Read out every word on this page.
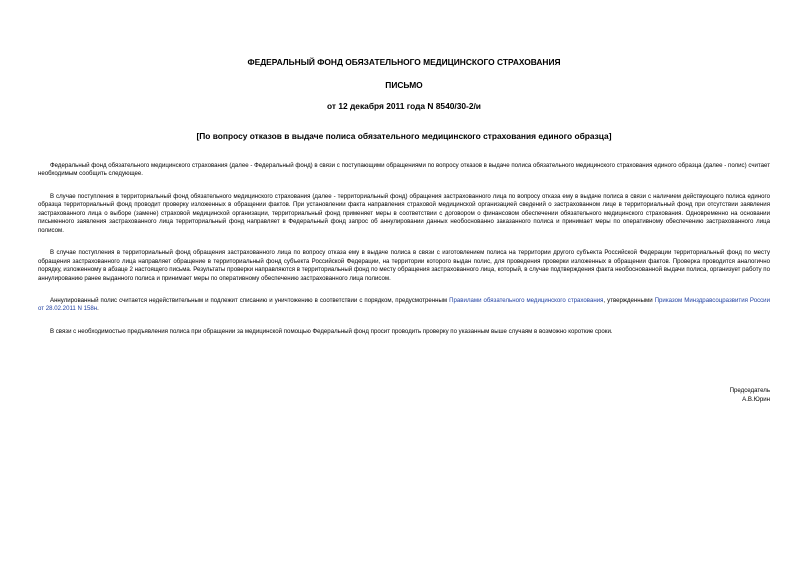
ФЕДЕРАЛЬНЫЙ ФОНД ОБЯЗАТЕЛЬНОГО МЕДИЦИНСКОГО СТРАХОВАНИЯ
ПИСЬМО
от 12 декабря 2011 года N 8540/30-2/и
[По вопросу отказов в выдаче полиса обязательного медицинского страхования единого образца]

Федеральный фонд обязательного медицинского страхования (далее - Федеральный фонд) в связи с поступающими обращениями по вопросу отказов в выдаче полиса обязательного медицинского страхования единого образца (далее - полис) считает необходимым сообщить следующее.

В случае поступления в территориальный фонд обязательного медицинского страхования (далее - территориальный фонд) обращения застрахованного лица по вопросу отказа ему в выдаче полиса в связи с наличием действующего полиса единого образца территориальный фонд проводит проверку изложенных в обращении фактов. При установлении факта направления страховой медицинской организацией сведений о застрахованном лице в территориальный фонд при отсутствии заявления застрахованного лица о выборе (замене) страховой медицинской организации, территориальный фонд применяет меры в соответствии с договором о финансовом обеспечении обязательного медицинского страхования. Одновременно на основании письменного заявления застрахованного лица территориальный фонд направляет в Федеральный фонд запрос об аннулировании данных необоснованно заказанного полиса и принимает меры по оперативному обеспечению застрахованного лица полисом.

В случае поступления в территориальный фонд обращения застрахованного лица по вопросу отказа ему в выдаче полиса в связи с изготовлением полиса на территории другого субъекта Российской Федерации территориальный фонд по месту обращения застрахованного лица направляет обращение в территориальный фонд субъекта Российской Федерации, на территории которого выдан полис, для проведения проверки изложенных в обращении фактов. Проверка проводится аналогично порядку, изложенному в абзаце 2 настоящего письма. Результаты проверки направляются в территориальный фонд по месту обращения застрахованного лица, который, в случае подтверждения факта необоснованной выдачи полиса, организует работу по аннулированию ранее выданного полиса и принимает меры по оперативному обеспечению застрахованного лица полисом.

Аннулированный полис считается недействительным и подлежит списанию и уничтожению в соответствии с порядком, предусмотренным Правилами обязательного медицинского страхования, утвержденными Приказом Минздравсоцразвития России от 28.02.2011 N 158н.

В связи с необходимостью предъявления полиса при обращении за медицинской помощью Федеральный фонд просит проводить проверку по указанным выше случаям в возможно короткие сроки.

Председатель
А.В.Юрин
